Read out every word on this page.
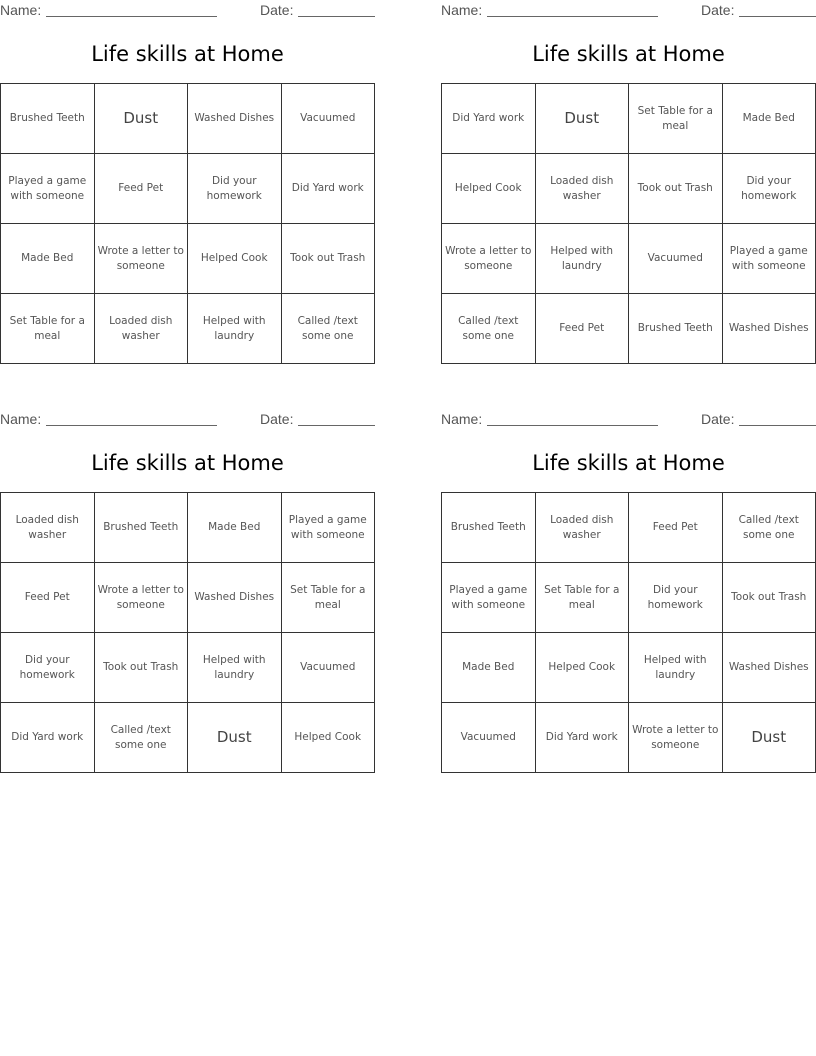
Name:	Date:
Life skills at Home
Brushed Teeth	Dust	Washed Dishes	Vacuumed
Played a game with someone	Feed Pet	Did your homework	Did Yard work
Made Bed	Wrote a letter to someone	Helped Cook	Took out Trash
Set Table for a meal	Loaded dish washer	Helped with laundry	Called /text some one
Name:	Date:
Life skills at Home
Did Yard work	Dust	Set Table for a meal	Made Bed
Helped Cook	Loaded dish washer	Took out Trash	Did your homework
Wrote a letter to someone	Helped with laundry	Vacuumed	Played a game with someone
Called /text some one	Feed Pet	Brushed Teeth	Washed Dishes
Name:	Date:
Life skills at Home
Loaded dish washer	Brushed Teeth	Made Bed	Played a game with someone
Feed Pet	Wrote a letter to someone	Washed Dishes	Set Table for a meal
Did your homework	Took out Trash	Helped with laundry	Vacuumed
Did Yard work	Called /text some one	Dust	Helped Cook
Name:	Date:
Life skills at Home
Brushed Teeth	Loaded dish washer	Feed Pet	Called /text some one
Played a game with someone	Set Table for a meal	Did your homework	Took out Trash
Made Bed	Helped Cook	Helped with laundry	Washed Dishes
Vacuumed	Did Yard work	Wrote a letter to someone	Dust
